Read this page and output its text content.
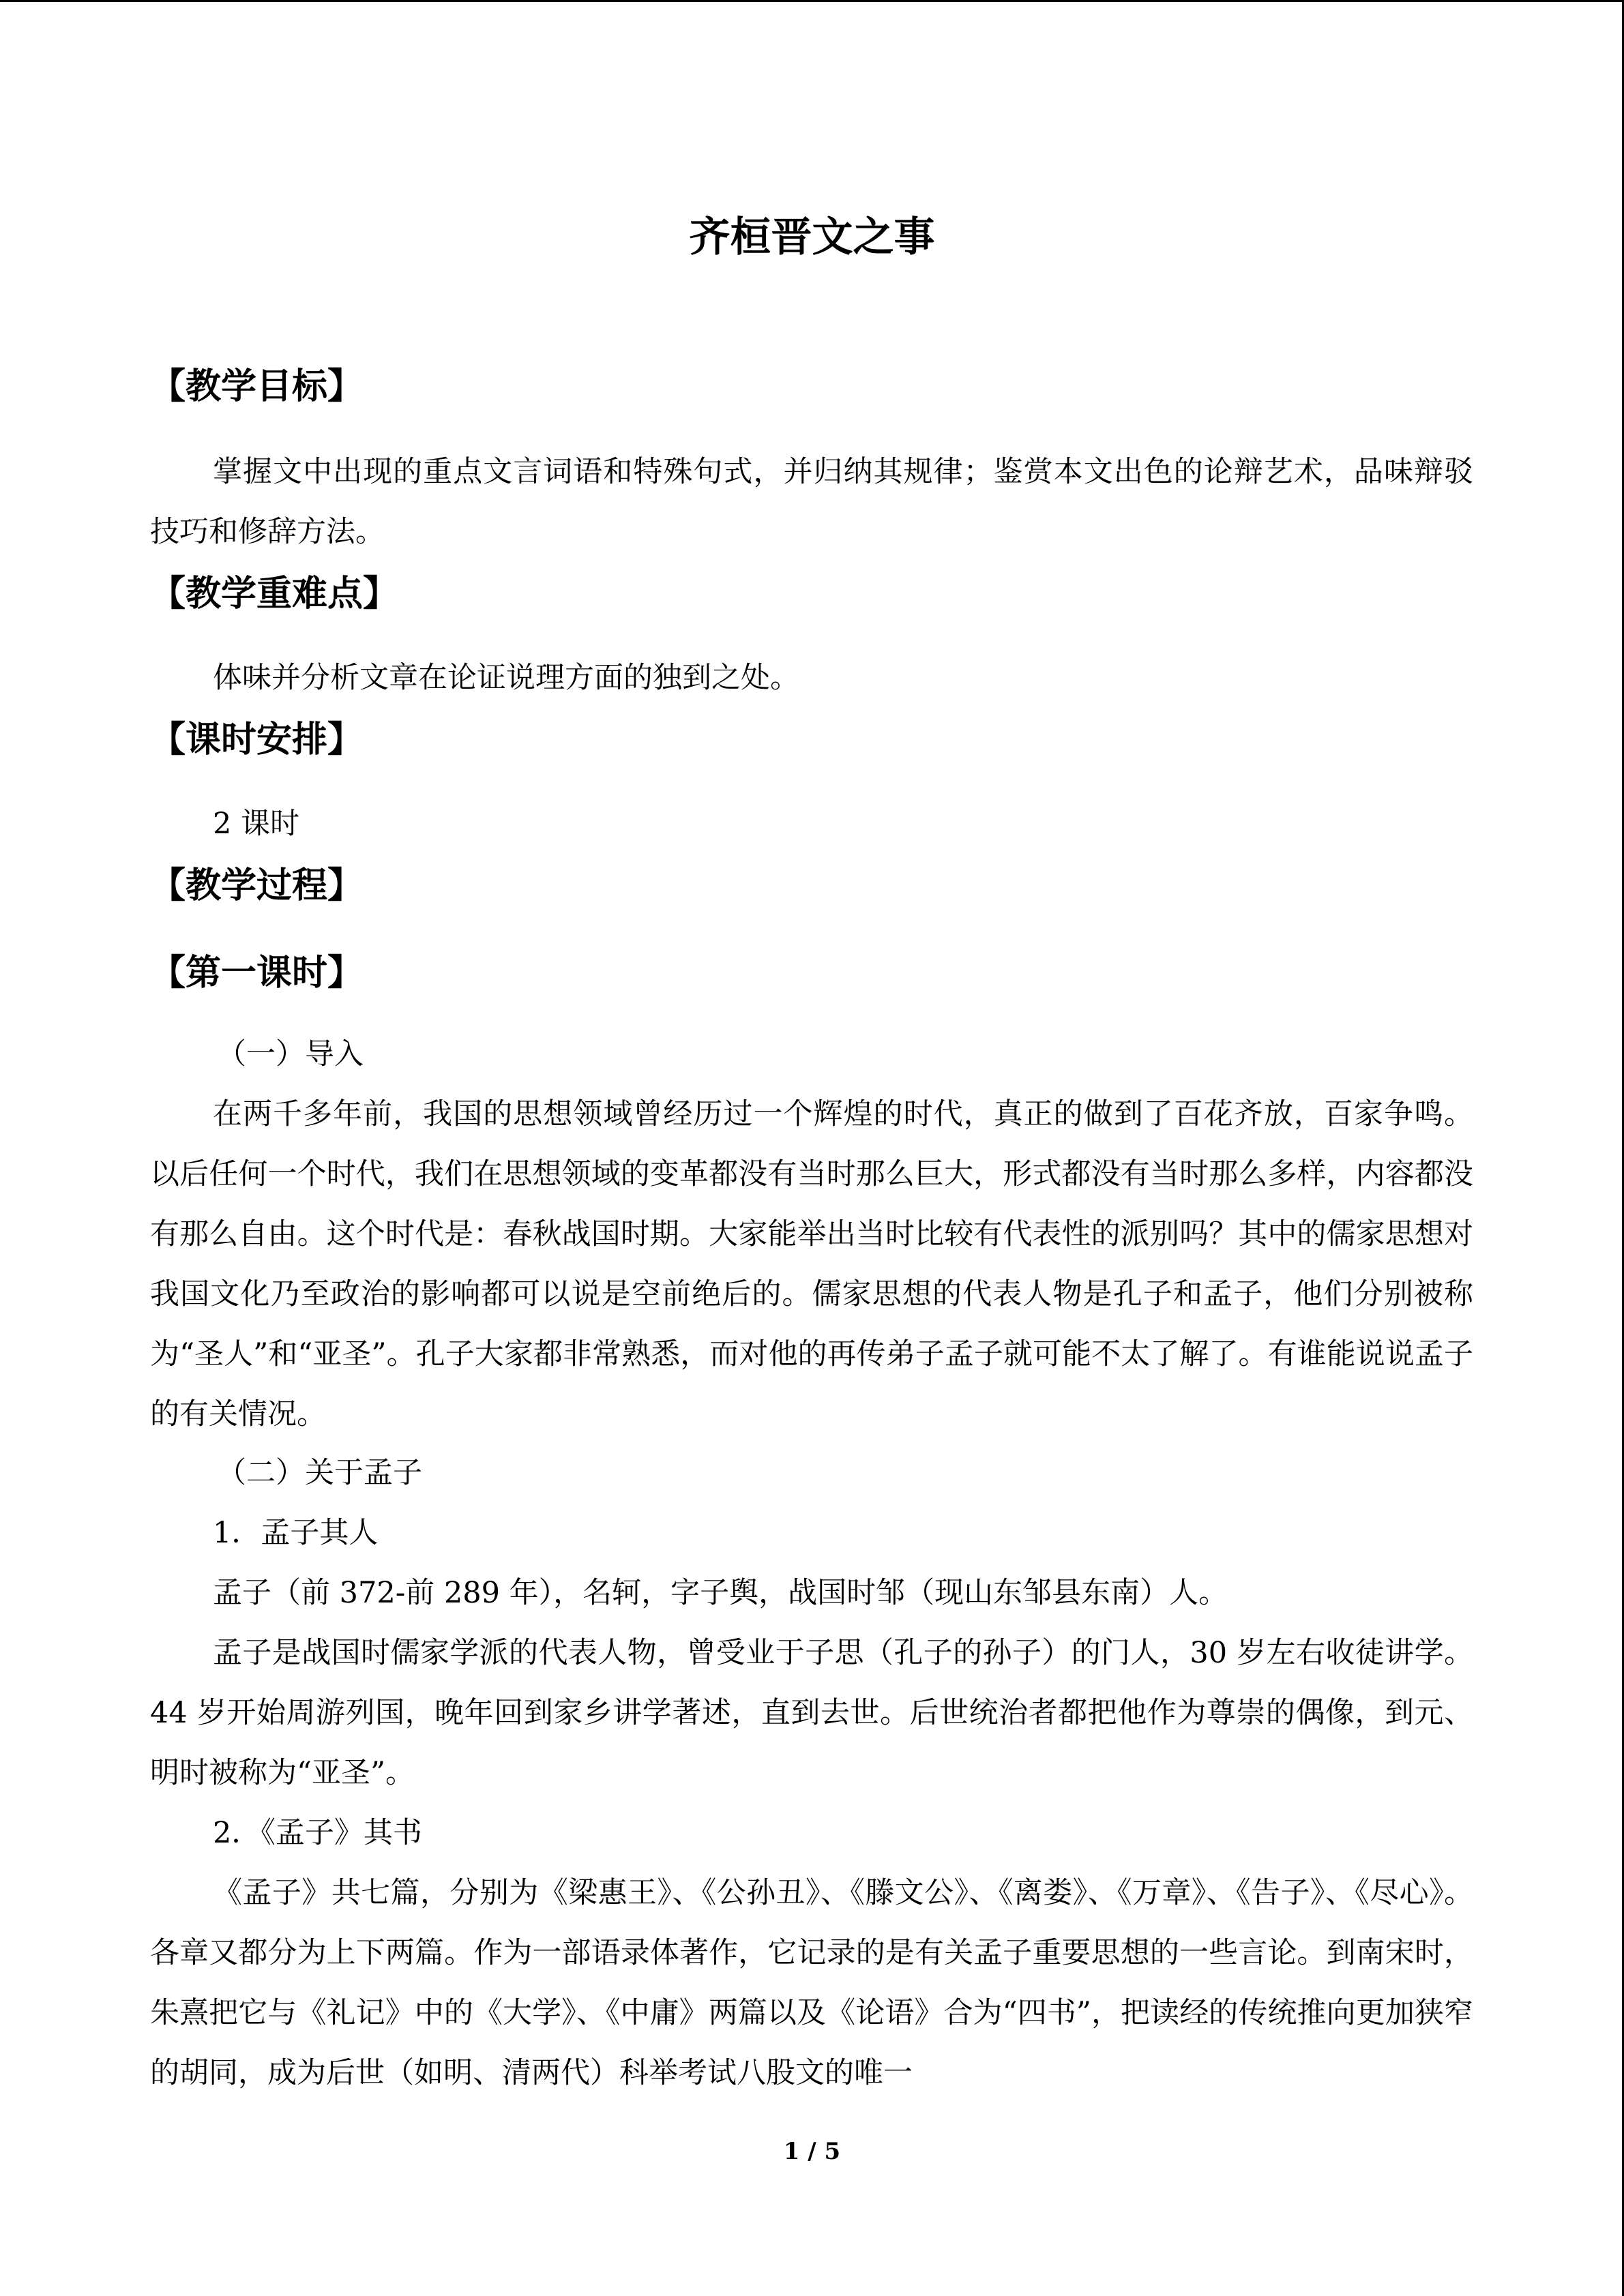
齐桓晋文之事
【教学目标】

掌握文中出现的重点文言词语和特殊句式，并归纳其规律；鉴赏本文出色的论辩艺术，品味辩驳技巧和修辞方法。

【教学重难点】

体味并分析文章在论证说理方面的独到之处。

【课时安排】

2 课时

【教学过程】
【第一课时】

（一）导入

在两千多年前，我国的思想领域曾经历过一个辉煌的时代，真正的做到了百花齐放，百家争鸣。以后任何一个时代，我们在思想领域的变革都没有当时那么巨大，形式都没有当时那么多样，内容都没有那么自由。这个时代是：春秋战国时期。大家能举出当时比较有代表性的派别吗？其中的儒家思想对我国文化乃至政治的影响都可以说是空前绝后的。儒家思想的代表人物是孔子和孟子，他们分别被称为“圣人”和“亚圣”。孔子大家都非常熟悉，而对他的再传弟子孟子就可能不太了解了。有谁能说说孟子的有关情况。

（二）关于孟子

1．孟子其人

孟子（前 372-前 289 年），名轲，字子舆，战国时邹（现山东邹县东南）人。

孟子是战国时儒家学派的代表人物，曾受业于子思（孔子的孙子）的门人，30 岁左右收徒讲学。44 岁开始周游列国，晚年回到家乡讲学著述，直到去世。后世统治者都把他作为尊崇的偶像，到元、明时被称为“亚圣”。

2．《孟子》其书

《孟子》共七篇，分别为《梁惠王》、《公孙丑》、《滕文公》、《离娄》、《万章》、《告子》、《尽心》。各章又都分为上下两篇。作为一部语录体著作，它记录的是有关孟子重要思想的一些言论。到南宋时，朱熹把它与《礼记》中的《大学》、《中庸》两篇以及《论语》合为“四书”，把读经的传统推向更加狭窄的胡同，成为后世（如明、清两代）科举考试八股文的唯一

1 / 5
